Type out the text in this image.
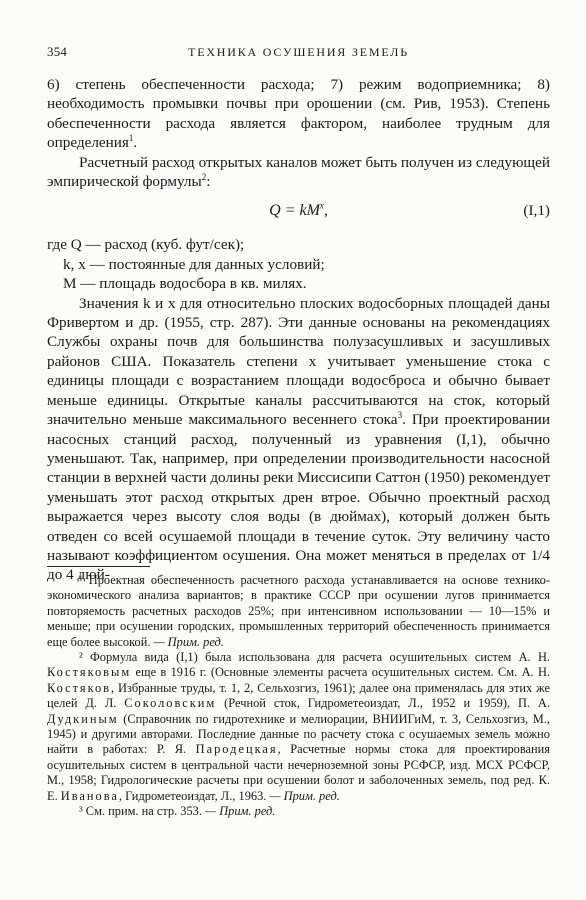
354	ТЕХНИКА ОСУШЕНИЯ ЗЕМЕЛЬ

6) степень обеспеченности расхода; 7) режим водоприемника; 8) необходимость промывки почвы при орошении (см. Рив, 1953). Степень обеспеченности расхода является фактором, наиболее трудным для определения$^1$.

Расчетный расход открытых каналов может быть получен из следующей эмпирической формулы$^2$:

$Q = kM^x$,	(I,1)
где Q — расход (куб. фут/сек);
k, x — постоянные для данных условий;
M — площадь водосбора в кв. милях.

Значения k и x для относительно плоских водосборных площадей даны Фривертом и др. (1955, стр. 287). Эти данные основаны на рекомендациях Службы охраны почв для большинства полузасушливых и засушливых районов США. Показатель степени x учитывает уменьшение стока с единицы площади с возрастанием площади водосброса и обычно бывает меньше единицы. Открытые каналы рассчитываются на сток, который значительно меньше максимального весеннего стока$^3$. При проектировании насосных станций расход, полученный из уравнения (I,1), обычно уменьшают. Так, например, при определении производительности насосной станции в верхней части долины реки Миссисипи Саттон (1950) рекомендует уменьшать этот расход открытых дрен втрое. Обычно проектный расход выражается через высоту слоя воды (в дюймах), который должен быть отведен со всей осушаемой площади в течение суток. Эту величину часто называют коэффициентом осушения. Она может меняться в пределах от 1/4 до 4 дюй-

¹ Проектная обеспеченность расчетного расхода устанавливается на основе технико-экономического анализа вариантов; в практике СССР при осушении лугов принимается повторяемость расчетных расходов 25%; при интенсивном использовании — 10—15% и меньше; при осушении городских, промышленных территорий обеспеченность принимается еще более высокой. — Прим. ред.

² Формула вида (I,1) была использована для расчета осушительных систем А. Н. Костяковым еще в 1916 г. (Основные элементы расчета осушительных систем. См. А. Н. Костяков, Избранные труды, т. 1, 2, Сельхозгиз, 1961); далее она применялась для этих же целей Д. Л. Соколовским (Речной сток, Гидрометеоиздат, Л., 1952 и 1959), П. А. Дудкиным (Справочник по гидротехнике и мелиорации, ВНИИГиМ, т. 3, Сельхозгиз, М., 1945) и другими авторами. Последние данные по расчету стока с осушаемых земель можно найти в работах: Р. Я. Пародецкая, Расчетные нормы стока для проектирования осушительных систем в центральной части нечерноземной зоны РСФСР, изд. МСХ РСФСР, М., 1958; Гидрологические расчеты при осушении болот и заболоченных земель, под ред. К. Е. Иванова, Гидрометеоиздат, Л., 1963. — Прим. ред.

³ См. прим. на стр. 353. — Прим. ред.
